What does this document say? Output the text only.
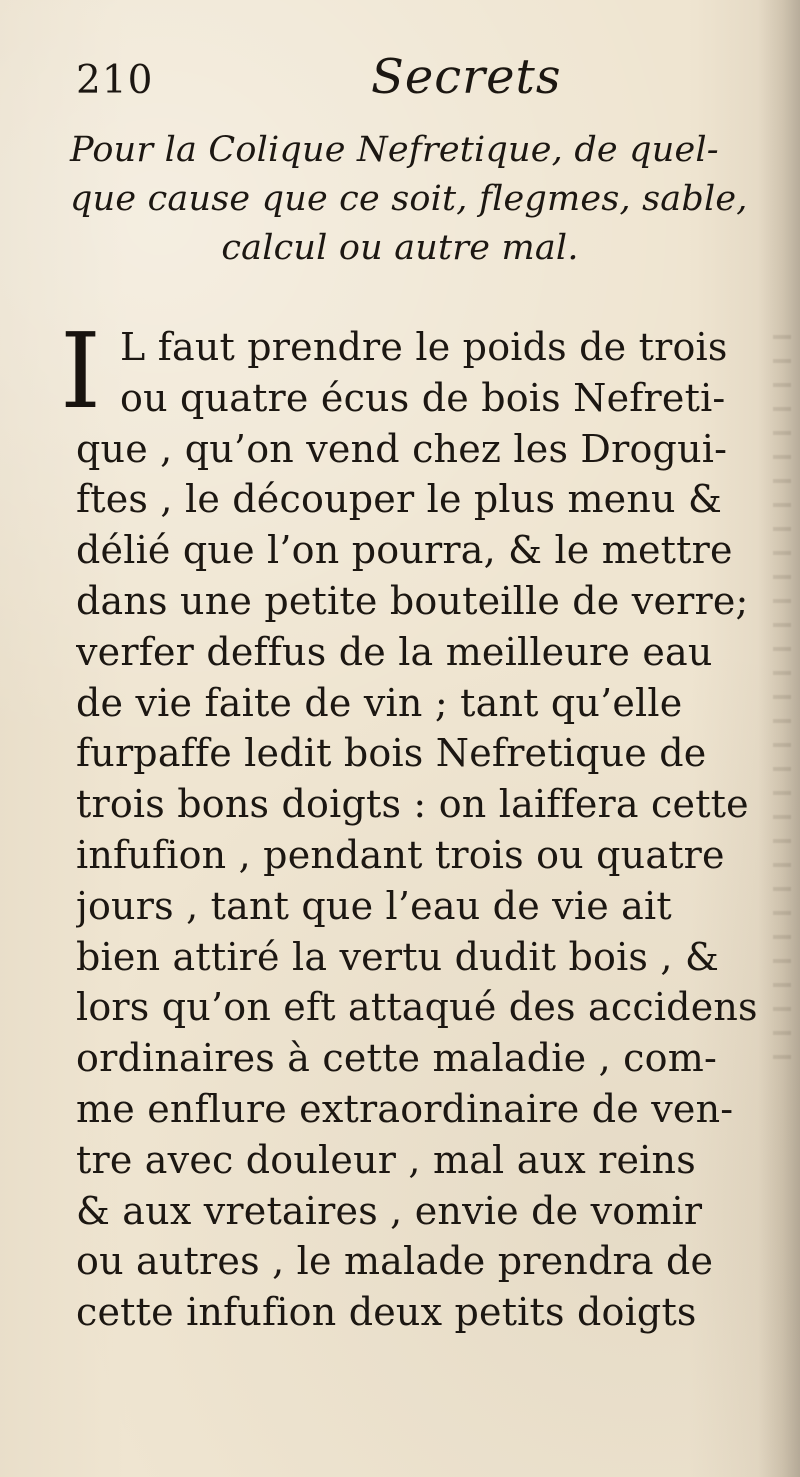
210	Secrets
Pour la Colique Nefretique, de quel-
que cause que ce soit, flegmes, sable,
calcul ou autre mal.
I L faut prendre le poids de trois
ou quatre écus de bois Nefreti-
que , qu’on vend chez les Drogui-
ftes , le découper le plus menu &
délié que l’on pourra, & le mettre
dans une petite bouteille de verre;
verfer deffus de la meilleure eau
de vie faite de vin ; tant qu’elle
furpaffe ledit bois Nefretique de
trois bons doigts : on laiffera cette
infufion , pendant trois ou quatre
jours , tant que l’eau de vie ait
bien attiré la vertu dudit bois , &
lors qu’on eft attaqué des accidens
ordinaires à cette maladie , com-
me enflure extraordinaire de ven-
tre avec douleur , mal aux reins
& aux vretaires , envie de vomir
ou autres , le malade prendra de
cette infufion deux petits doigts
